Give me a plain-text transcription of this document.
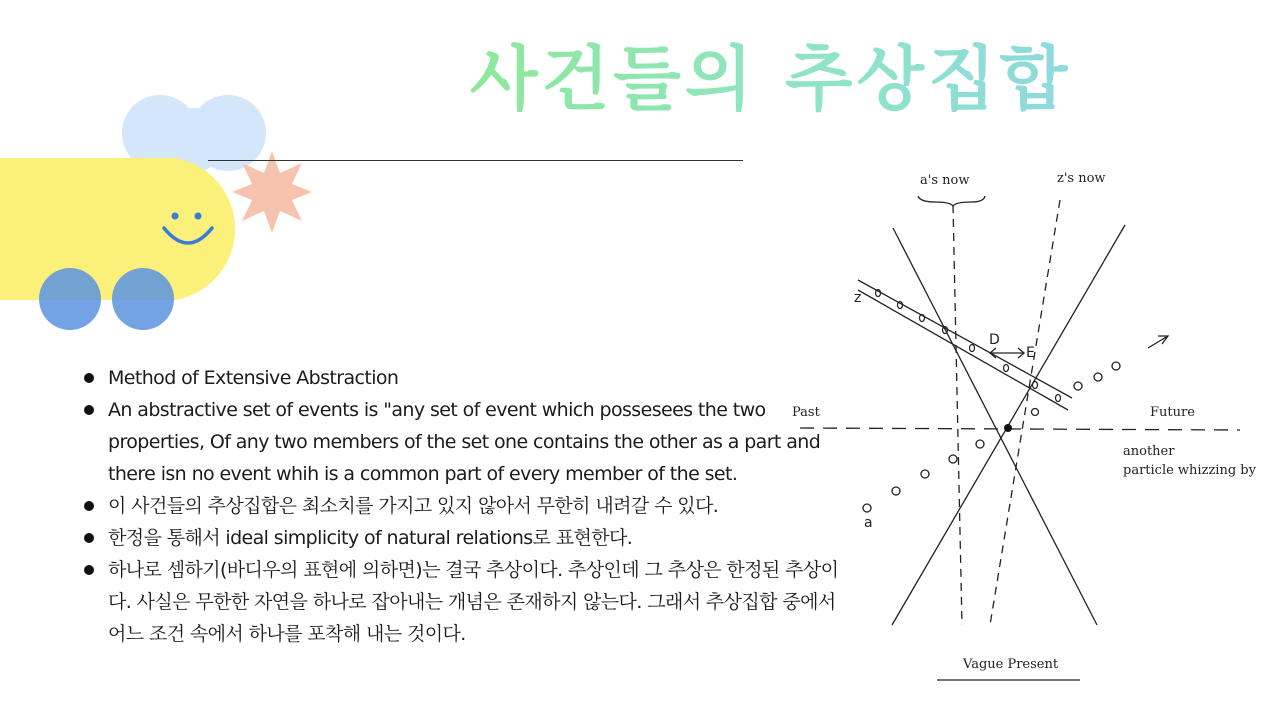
사건들의 추상집합
Method of Extensive Abstraction
An abstractive set of events is "any set of event which possesees the two properties, Of any two members of the set one contains the other as a part and there isn no event whih is a common part of every member of the set.
이 사건들의 추상집합은 최소치를 가지고 있지 않아서 무한히 내려갈 수 있다.
한정을 통해서 ideal simplicity of natural relations로 표현한다.
하나로 셈하기(바디우의 표현에 의하면)는 결국 추상이다. 추상인데 그 추상은 한정된 추상이다. 사실은 무한한 자연을 하나로 잡아내는 개념은 존재하지 않는다. 그래서 추상집합 중에서 어느 조건 속에서 하나를 포착해 내는 것이다.
a's now	z's now
Past	Future
another
particle whizzing by
Vague Present
D
E
z
a
